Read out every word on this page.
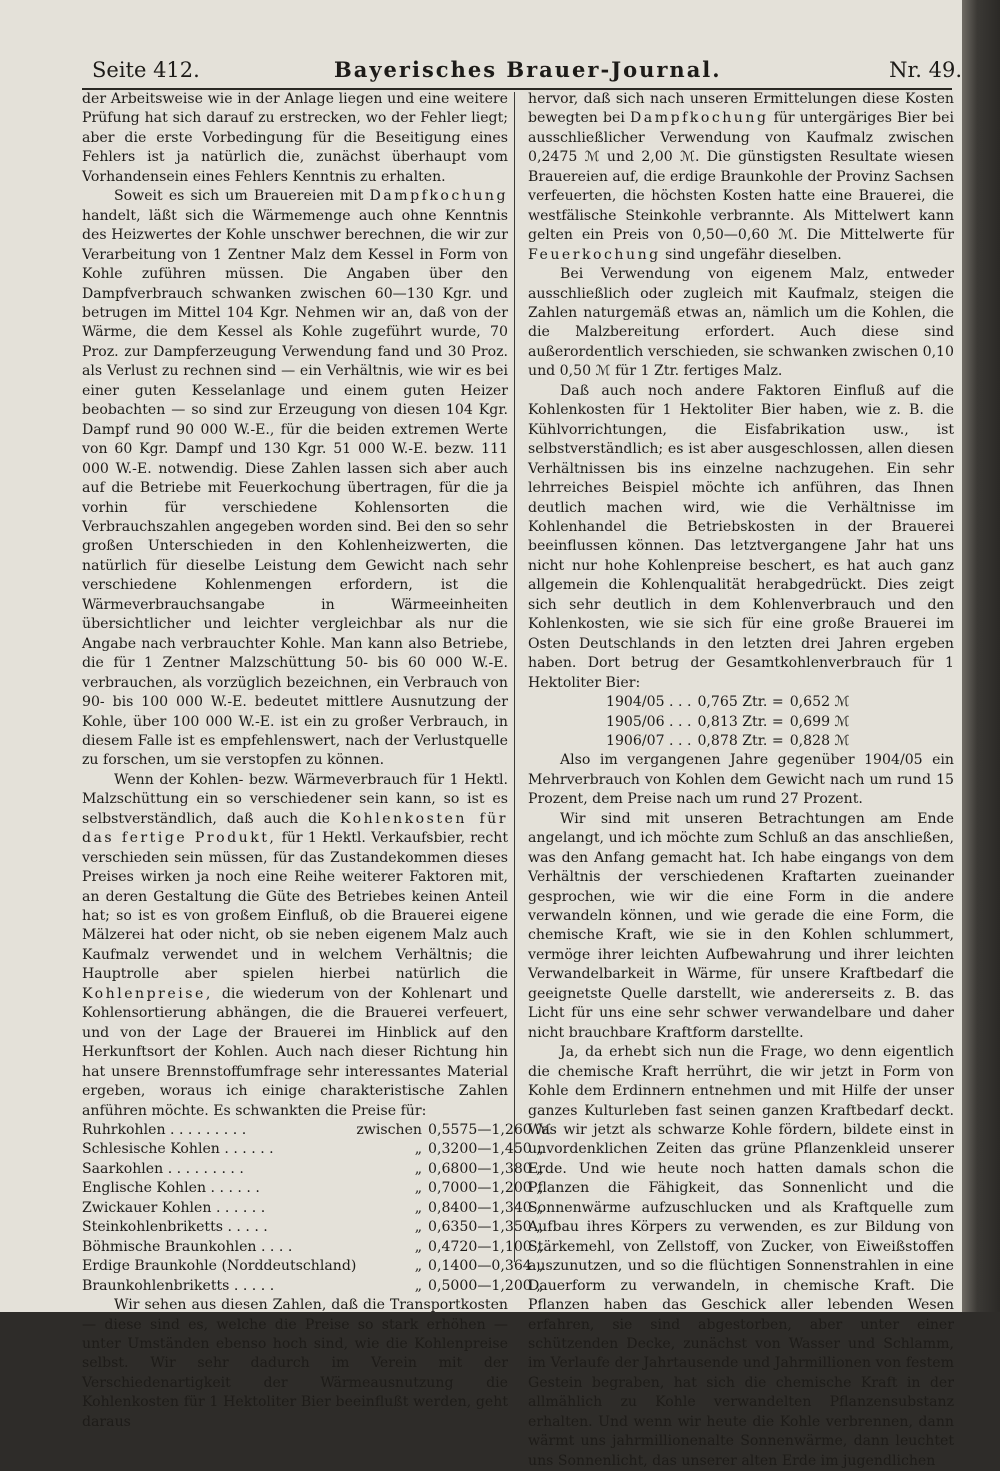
Seite 412.	Bayerisches Brauer-Journal.	Nr. 49.

der Arbeitsweise wie in der Anlage liegen und eine weitere Prüfung hat sich darauf zu erstrecken, wo der Fehler liegt; aber die erste Vorbedingung für die Beseitigung eines Fehlers ist ja natürlich die, zunächst überhaupt vom Vorhandensein eines Fehlers Kenntnis zu erhalten.

Soweit es sich um Brauereien mit Dampfkochung handelt, läßt sich die Wärmemenge auch ohne Kenntnis des Heizwertes der Kohle unschwer berechnen, die wir zur Verarbeitung von 1 Zentner Malz dem Kessel in Form von Kohle zuführen müssen. Die Angaben über den Dampfverbrauch schwanken zwischen 60—130 Kgr. und betrugen im Mittel 104 Kgr. Nehmen wir an, daß von der Wärme, die dem Kessel als Kohle zugeführt wurde, 70 Proz. zur Dampferzeugung Verwendung fand und 30 Proz. als Verlust zu rechnen sind — ein Verhältnis, wie wir es bei einer guten Kesselanlage und einem guten Heizer beobachten — so sind zur Erzeugung von diesen 104 Kgr. Dampf rund 90 000 W.-E., für die beiden extremen Werte von 60 Kgr. Dampf und 130 Kgr. 51 000 W.-E. bezw. 111 000 W.-E. notwendig. Diese Zahlen lassen sich aber auch auf die Betriebe mit Feuerkochung übertragen, für die ja vorhin für verschiedene Kohlensorten die Verbrauchszahlen angegeben worden sind. Bei den so sehr großen Unterschieden in den Kohlenheizwerten, die natürlich für dieselbe Leistung dem Gewicht nach sehr verschiedene Kohlenmengen erfordern, ist die Wärmeverbrauchsangabe in Wärmeeinheiten übersichtlicher und leichter vergleichbar als nur die Angabe nach verbrauchter Kohle. Man kann also Betriebe, die für 1 Zentner Malzschüttung 50- bis 60 000 W.-E. verbrauchen, als vorzüglich bezeichnen, ein Verbrauch von 90- bis 100 000 W.-E. bedeutet mittlere Ausnutzung der Kohle, über 100 000 W.-E. ist ein zu großer Verbrauch, in diesem Falle ist es empfehlenswert, nach der Verlustquelle zu forschen, um sie verstopfen zu können.

Wenn der Kohlen- bezw. Wärmeverbrauch für 1 Hektl. Malzschüttung ein so verschiedener sein kann, so ist es selbstverständlich, daß auch die Kohlenkosten für das fertige Produkt, für 1 Hektl. Verkaufsbier, recht verschieden sein müssen, für das Zustandekommen dieses Preises wirken ja noch eine Reihe weiterer Faktoren mit, an deren Gestaltung die Güte des Betriebes keinen Anteil hat; so ist es von großem Einfluß, ob die Brauerei eigene Mälzerei hat oder nicht, ob sie neben eigenem Malz auch Kaufmalz verwendet und in welchem Verhältnis; die Hauptrolle aber spielen hierbei natürlich die Kohlenpreise, die wiederum von der Kohlenart und Kohlensortierung abhängen, die die Brauerei verfeuert, und von der Lage der Brauerei im Hinblick auf den Herkunftsort der Kohlen. Auch nach dieser Richtung hin hat unsere Brennstoffumfrage sehr interessantes Material ergeben, woraus ich einige charakteristische Zahlen anführen möchte. Es schwankten die Preise für:

Ruhrkohlen . . . . . . . . .	zwischen	0,5575—1,260 ℳ
Schlesische Kohlen . . . . . .	„	0,3200—1,450 „
Saarkohlen . . . . . . . . .	„	0,6800—1,380 „
Englische Kohlen . . . . . .	„	0,7000—1,200 „
Zwickauer Kohlen . . . . . .	„	0,8400—1,340 „
Steinkohlenbriketts . . . . .	„	0,6350—1,350 „
Böhmische Braunkohlen . . . .	„	0,4720—1,100 „
Erdige Braunkohle (Norddeutschland)	„	0,1400—0,364 „
Braunkohlenbriketts . . . . .	„	0,5000—1,200 „

Wir sehen aus diesen Zahlen, daß die Transportkosten — diese sind es, welche die Preise so stark erhöhen — unter Umständen ebenso hoch sind, wie die Kohlenpreise selbst. Wir sehr dadurch im Verein mit der Verschiedenartigkeit der Wärmeausnutzung die Kohlenkosten für 1 Hektoliter Bier beeinflußt werden, geht daraus

hervor, daß sich nach unseren Ermittelungen diese Kosten bewegten bei Dampfkochung für untergäriges Bier bei ausschließlicher Verwendung von Kaufmalz zwischen 0,2475 ℳ und 2,00 ℳ. Die günstigsten Resultate wiesen Brauereien auf, die erdige Braunkohle der Provinz Sachsen verfeuerten, die höchsten Kosten hatte eine Brauerei, die westfälische Steinkohle verbrannte. Als Mittelwert kann gelten ein Preis von 0,50—0,60 ℳ. Die Mittelwerte für Feuerkochung sind ungefähr dieselben.

Bei Verwendung von eigenem Malz, entweder ausschließlich oder zugleich mit Kaufmalz, steigen die Zahlen naturgemäß etwas an, nämlich um die Kohlen, die die Malzbereitung erfordert. Auch diese sind außerordentlich verschieden, sie schwanken zwischen 0,10 und 0,50 ℳ für 1 Ztr. fertiges Malz.

Daß auch noch andere Faktoren Einfluß auf die Kohlenkosten für 1 Hektoliter Bier haben, wie z. B. die Kühlvorrichtungen, die Eisfabrikation usw., ist selbstverständlich; es ist aber ausgeschlossen, allen diesen Verhältnissen bis ins einzelne nachzugehen. Ein sehr lehrreiches Beispiel möchte ich anführen, das Ihnen deutlich machen wird, wie die Verhältnisse im Kohlenhandel die Betriebskosten in der Brauerei beeinflussen können. Das letztvergangene Jahr hat uns nicht nur hohe Kohlenpreise beschert, es hat auch ganz allgemein die Kohlenqualität herabgedrückt. Dies zeigt sich sehr deutlich in dem Kohlenverbrauch und den Kohlenkosten, wie sie sich für eine große Brauerei im Osten Deutschlands in den letzten drei Jahren ergeben haben. Dort betrug der Gesamtkohlenverbrauch für 1 Hektoliter Bier:

1904/05 . . .	0,765 Ztr. =	0,652 ℳ
1905/06 . . .	0,813 Ztr. =	0,699 ℳ
1906/07 . . .	0,878 Ztr. =	0,828 ℳ

Also im vergangenen Jahre gegenüber 1904/05 ein Mehrverbrauch von Kohlen dem Gewicht nach um rund 15 Prozent, dem Preise nach um rund 27 Prozent.

Wir sind mit unseren Betrachtungen am Ende angelangt, und ich möchte zum Schluß an das anschließen, was den Anfang gemacht hat. Ich habe eingangs von dem Verhältnis der verschiedenen Kraftarten zueinander gesprochen, wie wir die eine Form in die andere verwandeln können, und wie gerade die eine Form, die chemische Kraft, wie sie in den Kohlen schlummert, vermöge ihrer leichten Aufbewahrung und ihrer leichten Verwandelbarkeit in Wärme, für unsere Kraftbedarf die geeignetste Quelle darstellt, wie andererseits z. B. das Licht für uns eine sehr schwer verwandelbare und daher nicht brauchbare Kraftform darstellte.

Ja, da erhebt sich nun die Frage, wo denn eigentlich die chemische Kraft herrührt, die wir jetzt in Form von Kohle dem Erdinnern entnehmen und mit Hilfe der unser ganzes Kulturleben fast seinen ganzen Kraftbedarf deckt. Was wir jetzt als schwarze Kohle fördern, bildete einst in unvordenklichen Zeiten das grüne Pflanzenkleid unserer Erde. Und wie heute noch hatten damals schon die Pflanzen die Fähigkeit, das Sonnenlicht und die Sonnenwärme aufzuschlucken und als Kraftquelle zum Aufbau ihres Körpers zu verwenden, es zur Bildung von Stärkemehl, von Zellstoff, von Zucker, von Eiweißstoffen auszunutzen, und so die flüchtigen Sonnenstrahlen in eine Dauerform zu verwandeln, in chemische Kraft. Die Pflanzen haben das Geschick aller lebenden Wesen erfahren, sie sind abgestorben, aber unter einer schützenden Decke, zunächst von Wasser und Schlamm, im Verlaufe der Jahrtausende und Jahrmillionen von festem Gestein begraben, hat sich die chemische Kraft in der allmählich zu Kohle verwandelten Pflanzensubstanz erhalten. Und wenn wir heute die Kohle verbrennen, dann wärmt uns jahrmillionenalte Sonnenwärme, dann leuchtet uns Sonnenlicht, das unserer alten Erde im jugendlichen
